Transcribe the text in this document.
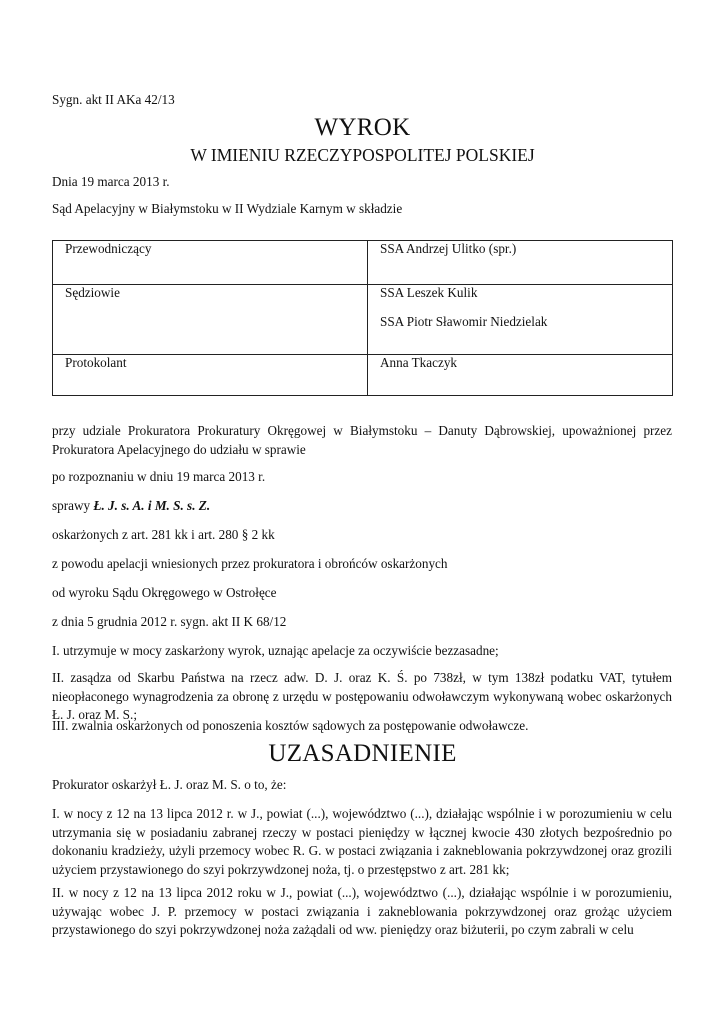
Sygn. akt II AKa 42/13
WYROK
W IMIENIU RZECZYPOSPOLITEJ POLSKIEJ
Dnia 19 marca 2013 r.
Sąd Apelacyjny w Białymstoku w II Wydziale Karnym w składzie
Przewodniczący	SSA Andrzej Ulitko (spr.)

Sędziowie	SSA Leszek Kulik
SSA Piotr Sławomir Niedzielak

Protokolant	Anna Tkaczyk
przy udziale Prokuratora Prokuratury Okręgowej w Białymstoku – Danuty Dąbrowskiej, upoważnionej przez Prokuratora Apelacyjnego do udziału w sprawie
po rozpoznaniu w dniu 19 marca 2013 r.
sprawy Ł. J. s. A. i M. S. s. Z.
oskarżonych z art. 281 kk i art. 280 § 2 kk
z powodu apelacji wniesionych przez prokuratora i obrońców oskarżonych
od wyroku Sądu Okręgowego w Ostrołęce
z dnia 5 grudnia 2012 r. sygn. akt II K 68/12
I. utrzymuje w mocy zaskarżony wyrok, uznając apelacje za oczywiście bezzasadne;
II. zasądza od Skarbu Państwa na rzecz adw. D. J. oraz K. Ś. po 738zł, w tym 138zł podatku VAT, tytułem nieopłaconego wynagrodzenia za obronę z urzędu w postępowaniu odwoławczym wykonywaną wobec oskarżonych Ł. J. oraz M. S.;
III. zwalnia oskarżonych od ponoszenia kosztów sądowych za postępowanie odwoławcze.
UZASADNIENIE
Prokurator oskarżył Ł. J. oraz M. S. o to, że:
I. w nocy z 12 na 13 lipca 2012 r. w J., powiat (...), województwo (...), działając wspólnie i w porozumieniu w celu utrzymania się w posiadaniu zabranej rzeczy w postaci pieniędzy w łącznej kwocie 430 złotych bezpośrednio po dokonaniu kradzieży, użyli przemocy wobec R. G. w postaci związania i zakneblowania pokrzywdzonej oraz grozili użyciem przystawionego do szyi pokrzywdzonej noża, tj. o przestępstwo z art. 281 kk;
II. w nocy z 12 na 13 lipca 2012 roku w J., powiat (...), województwo (...), działając wspólnie i w porozumieniu, używając wobec J. P. przemocy w postaci związania i zakneblowania pokrzywdzonej oraz grożąc użyciem przystawionego do szyi pokrzywdzonej noża zażądali od ww. pieniędzy oraz biżuterii, po czym zabrali w celu
